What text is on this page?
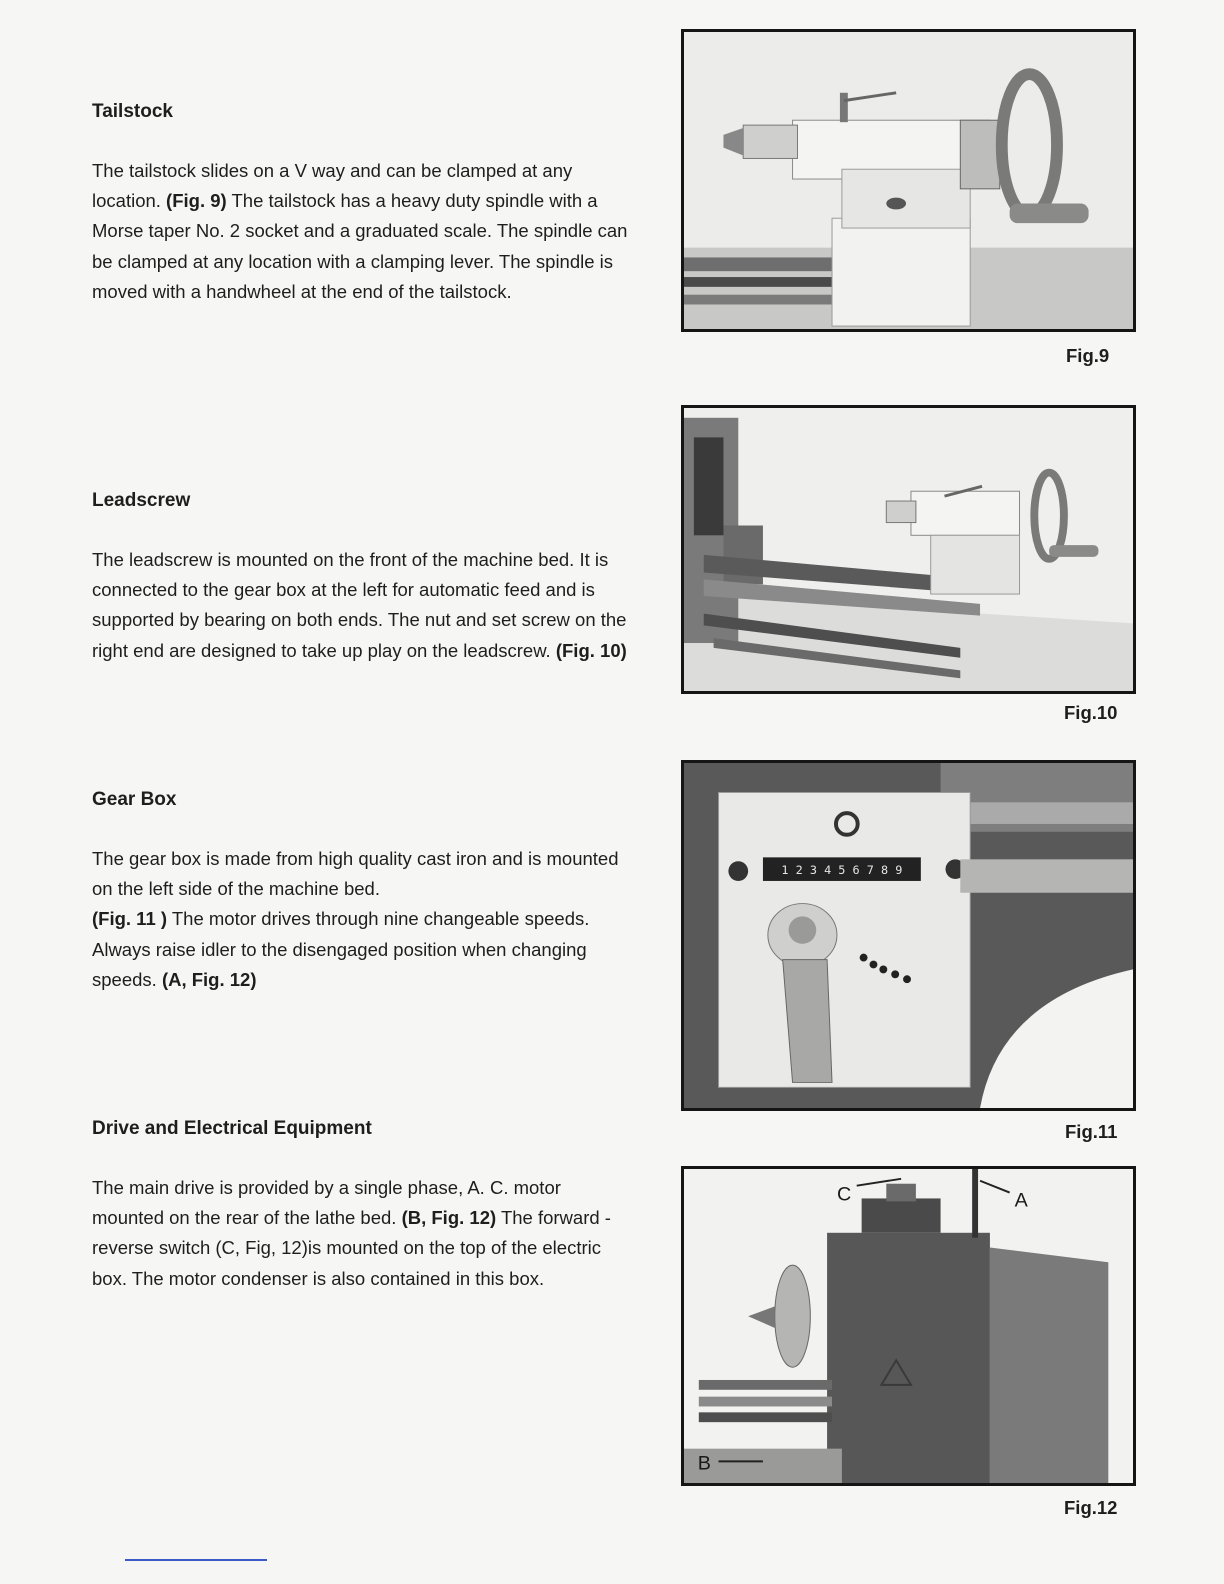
Tailstock

The tailstock slides on a V way and can be clamped at any location. (Fig. 9) The tailstock has a heavy duty spindle with a Morse taper No. 2 socket and a graduated scale. The spindle can be clamped at any location with a clamping lever. The spindle is moved with a handwheel at the end of the tailstock.

Leadscrew

The leadscrew is mounted on the front of the machine bed. It is connected to the gear box at the left for automatic feed and is supported by bearing on both ends. The nut and set screw on the right end are designed to take up play on the leadscrew. (Fig. 10)

Gear Box

The gear box is made from high quality cast iron and is mounted on the left side of the machine bed.
(Fig. 11 ) The motor drives through nine changeable speeds. Always raise idler to the disengaged position when changing speeds. (A, Fig. 12)

Drive and Electrical Equipment

The main drive is provided by a single phase, A. C. motor mounted on the rear of the lathe bed. (B, Fig. 12) The forward -reverse switch (C, Fig, 12)is mounted on the top of the electric box. The motor condenser is also contained in this box.

Fig.9

Fig.10

1 2 3 4 5 6 7 8 9

Fig.11

C	A
B

Fig.12
